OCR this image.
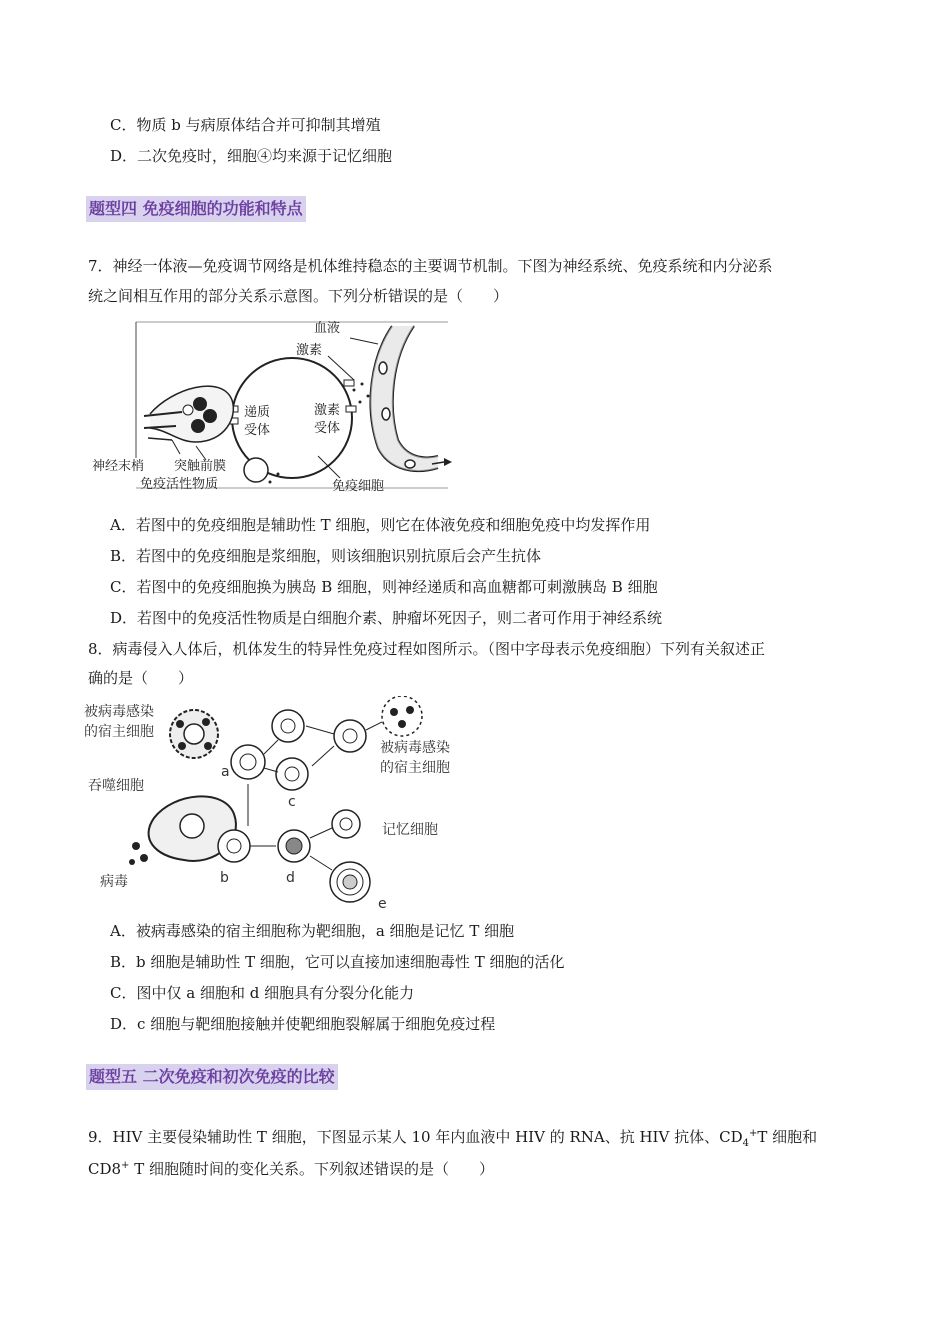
C．物质 b 与病原体结合并可抑制其增殖
D．二次免疫时，细胞④均来源于记忆细胞
题型四 免疫细胞的功能和特点
7．神经一体液—免疫调节网络是机体维持稳态的主要调节机制。下图为神经系统、免疫系统和内分泌系
统之间相互作用的部分关系示意图。下列分析错误的是（　　）
血液
激素
递质
受体
激素
受体
神经末梢 突触前膜
免疫活性物质	免疫细胞
A．若图中的免疫细胞是辅助性 T 细胞，则它在体液免疫和细胞免疫中均发挥作用
B．若图中的免疫细胞是浆细胞，则该细胞识别抗原后会产生抗体
C．若图中的免疫细胞换为胰岛 B 细胞，则神经递质和高血糖都可刺激胰岛 B 细胞
D．若图中的免疫活性物质是白细胞介素、肿瘤坏死因子，则二者可作用于神经系统
8．病毒侵入人体后，机体发生的特异性免疫过程如图所示。（图中字母表示免疫细胞）下列有关叙述正
确的是（　　）
被病毒感染
的宿主细胞
被病毒感染
的宿主细胞
吞噬细胞
病毒
记忆细胞
a
b
c
d
e
A．被病毒感染的宿主细胞称为靶细胞，a 细胞是记忆 T 细胞
B．b 细胞是辅助性 T 细胞，它可以直接加速细胞毒性 T 细胞的活化
C．图中仅 a 细胞和 d 细胞具有分裂分化能力
D．c 细胞与靶细胞接触并使靶细胞裂解属于细胞免疫过程
题型五 二次免疫和初次免疫的比较
9．HIV 主要侵染辅助性 T 细胞，下图显示某人 10 年内血液中 HIV 的 RNA、抗 HIV 抗体、$CD_4^+T$ 细胞和
CD8+ T 细胞随时间的变化关系。下列叙述错误的是（　　）
